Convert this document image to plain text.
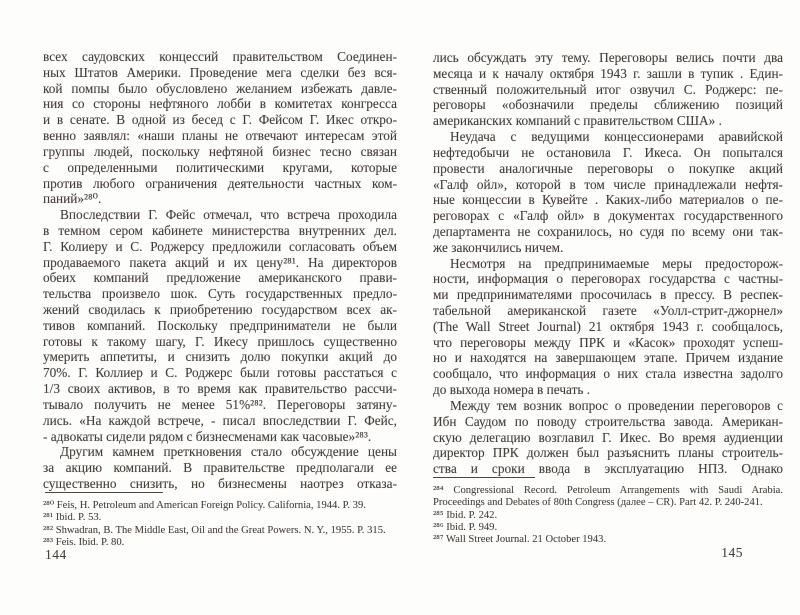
всех саудовских концессий правительством Соединен-
ных Штатов Америки. Проведение мега сделки без вся-
кой помпы было обусловлено желанием избежать давле-
ния со стороны нефтяного лобби в комитетах конгресса
и в сенате. В одной из бесед с Г. Фейсом Г. Икес откро-
венно заявлял: «наши планы не отвечают интересам этой
группы людей, поскольку нефтяной бизнес тесно связан
с определенными политическими кругами, которые
против любого ограничения деятельности частных ком-
паний»²⁸⁰.
Впоследствии Г. Фейс отмечал, что встреча проходила
в темном сером кабинете министерства внутренних дел.
Г. Колиеру и С. Роджерсу предложили согласовать объем
продаваемого пакета акций и их цену²⁸¹. На директоров
обеих компаний предложение американского прави-
тельства произвело шок. Суть государственных предло-
жений сводилась к приобретению государством всех ак-
тивов компаний. Поскольку предприниматели не были
готовы к такому шагу, Г. Икесу пришлось существенно
умерить аппетиты, и снизить долю покупки акций до
70%. Г. Коллиер и С. Роджерс были готовы расстаться с
1/3 своих активов, в то время как правительство рассчи-
тывало получить не менее 51%²⁸². Переговоры затяну-
лись. «На каждой встрече, - писал впоследствии Г. Фейс,
- адвокаты сидели рядом с бизнесменами как часовые»²⁸³.
Другим камнем преткновения стало обсуждение цены
за акцию компаний. В правительстве предполагали ее
существенно снизить, но бизнесмены наотрез отказа-
²⁸⁰ Feis, H. Petroleum and American Foreign Policy. California, 1944. P. 39.
²⁸¹ Ibid. P. 53.
²⁸² Shwadran, B. The Middle East, Oil and the Great Powers. N. Y., 1955. P. 315.
²⁸³ Feis. Ibid. P. 80.
144
лись обсуждать эту тему. Переговоры велись почти два
месяца и к началу октября 1943 г. зашли в тупик . Един-
ственный положительный итог озвучил С. Роджерс: пе-
реговоры «обозначили пределы сближению позиций
американских компаний с правительством США» .
Неудача с ведущими концессионерами аравийской
нефтедобычи не остановила Г. Икеса. Он попытался
провести аналогичные переговоры о покупке акций
«Галф ойл», которой в том числе принадлежали нефтя-
ные концессии в Кувейте . Каких-либо материалов о пе-
реговорах с «Галф ойл» в документах государственного
департамента не сохранилось, но судя по всему они так-
же закончились ничем.
Несмотря на предпринимаемые меры предосторож-
ности, информация о переговорах государства с частны-
ми предпринимателями просочилась в прессу. В респек-
табельной американской газете «Уолл-стрит-джорнел»
(The Wall Street Journal) 21 октября 1943 г. сообщалось,
что переговоры между ПРК и «Касок» проходят успеш-
но и находятся на завершающем этапе. Причем издание
сообщало, что информация о них стала известна задолго
до выхода номера в печать .
Между тем возник вопрос о проведении переговоров с
Ибн Саудом по поводу строительства завода. Американ-
скую делегацию возглавил Г. Икес. Во время аудиенции
директор ПРК должен был разъяснить планы строитель-
ства и сроки ввода в эксплуатацию НПЗ. Однако
²⁸⁴ Congressional Record. Petroleum Arrangements with Saudi Arabia. Proceedings and Debates of 80th Congress (далее – CR). Part 42. P. 240-241.
²⁸⁵ Ibid. P. 242.
²⁸⁶ Ibid. P. 949.
²⁸⁷ Wall Street Journal. 21 October 1943.
145
